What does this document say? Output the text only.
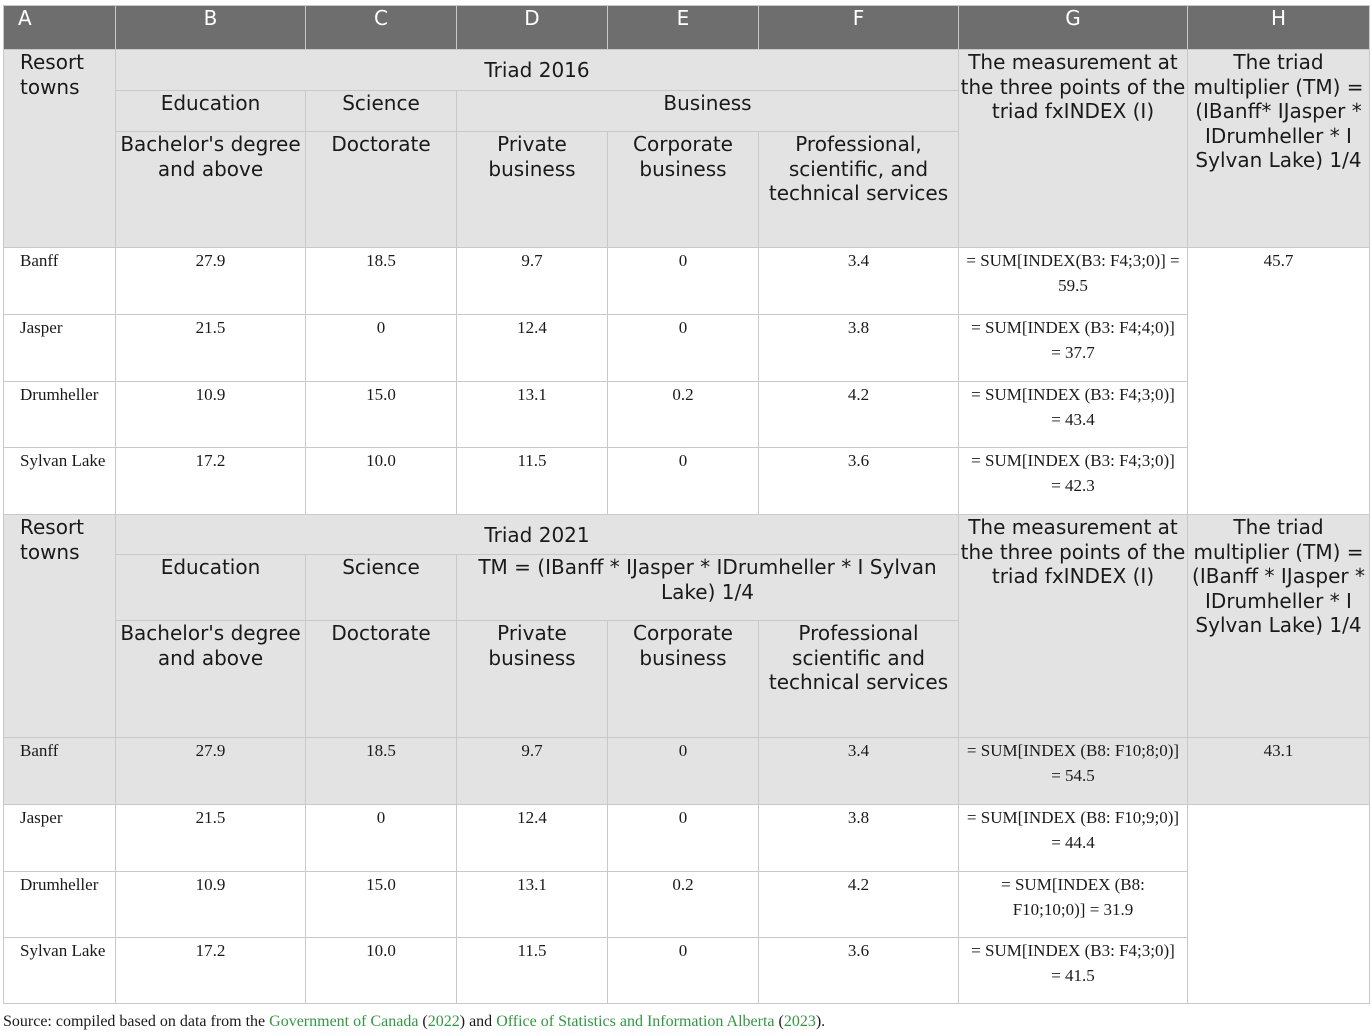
A	B	C	D	E	F	G	H
Resort towns	Triad 2016					The measurement at the three points of the triad fxINDEX (I)	The triad multiplier (TM) = (IBanff* IJasper * IDrumheller * I Sylvan Lake) 1/4
	Education	Science	Business				
	Bachelor's degree and above	Doctorate	Private business	Corporate business	Professional, scientific, and technical services		
Banff	27.9	18.5	9.7	0	3.4	= SUM[INDEX(B3: F4;3;0)] = 59.5	45.7
Jasper	21.5	0	12.4	0	3.8	= SUM[INDEX (B3: F4;4;0)] = 37.7	
Drumheller	10.9	15.0	13.1	0.2	4.2	= SUM[INDEX (B3: F4;3;0)] = 43.4	
Sylvan Lake	17.2	10.0	11.5	0	3.6	= SUM[INDEX (B3: F4;3;0)] = 42.3	
Resort towns	Triad 2021					The measurement at the three points of the triad fxINDEX (I)	The triad multiplier (TM) = (IBanff * IJasper * IDrumheller * I Sylvan Lake) 1/4
	Education	Science	TM = (IBanff * IJasper * IDrumheller * I Sylvan Lake) 1/4				
	Bachelor's degree and above	Doctorate	Private business	Corporate business	Professional scientific and technical services		
Banff	27.9	18.5	9.7	0	3.4	= SUM[INDEX (B8: F10;8;0)] = 54.5	43.1
Jasper	21.5	0	12.4	0	3.8	= SUM[INDEX (B8: F10;9;0)] = 44.4	
Drumheller	10.9	15.0	13.1	0.2	4.2	= SUM[INDEX (B8: F10;10;0)] = 31.9	
Sylvan Lake	17.2	10.0	11.5	0	3.6	= SUM[INDEX (B3: F4;3;0)] = 41.5	
Source: compiled based on data from the Government of Canada (2022) and Office of Statistics and Information Alberta (2023).
